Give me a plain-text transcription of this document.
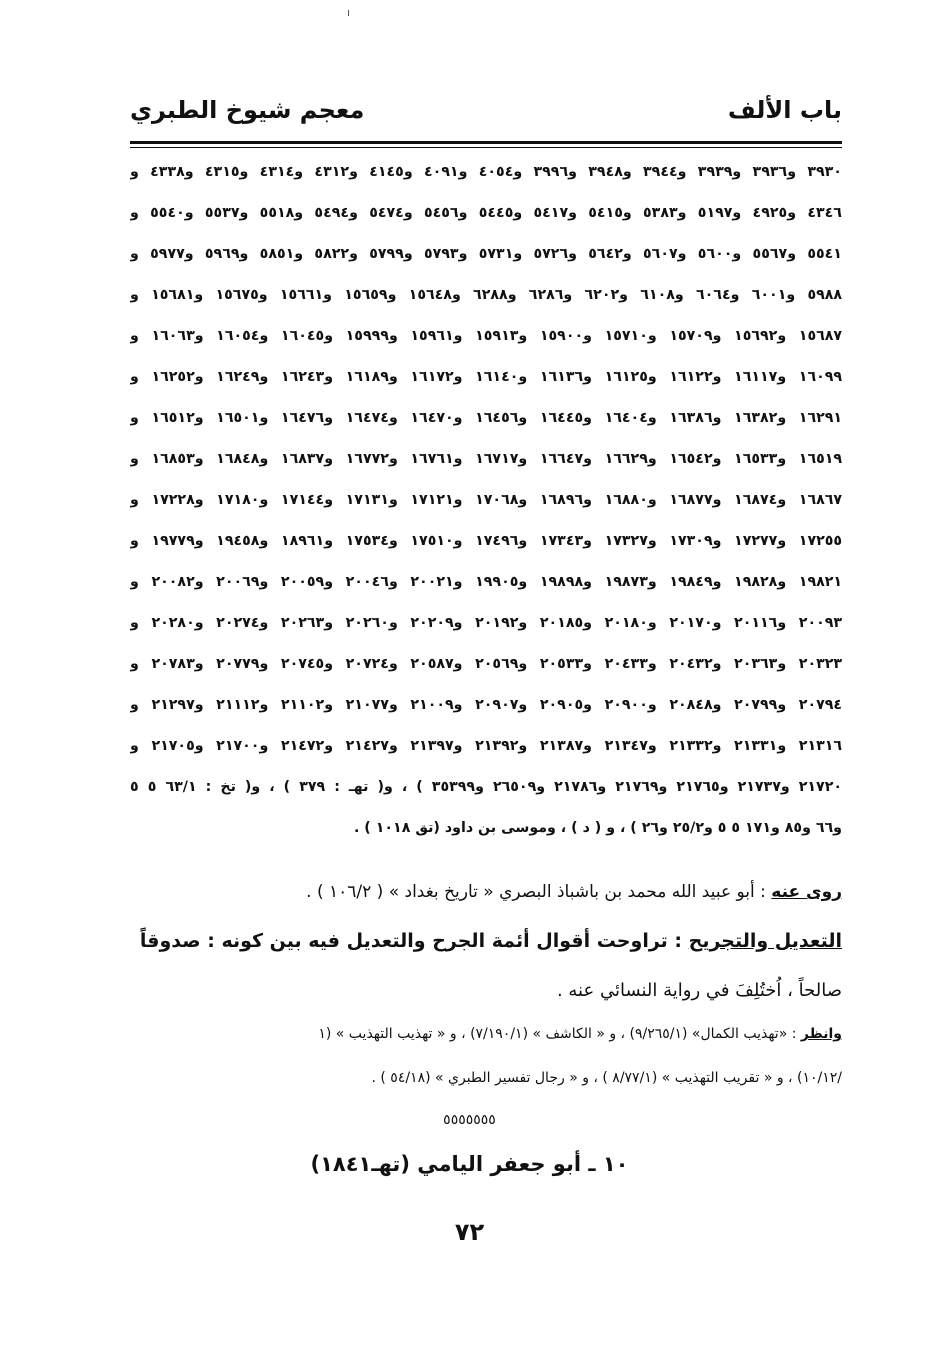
باب الألف
معجم شيوخ الطبري
٣٩٣٠ و٣٩٣٦ و٣٩٣٩ و٣٩٤٤ و٣٩٤٨ و٣٩٩٦ و٤٠٥٤ و٤٠٩١ و٤١٤٥ و٤٣١٢ و٤٣١٤ و٤٣١٥ و٤٣٣٨ و
٤٣٤٦ و٤٩٢٥ و٥١٩٧ و٥٣٨٣ و٥٤١٥ و٥٤١٧ و٥٤٤٥ و٥٤٥٦ و٥٤٧٤ و٥٤٩٤ و٥٥١٨ و٥٥٣٧ و٥٥٤٠ و
٥٥٤١ و٥٥٦٧ و٥٦٠٠ و٥٦٠٧ و٥٦٤٢ و٥٧٢٦ و٥٧٣١ و٥٧٩٣ و٥٧٩٩ و٥٨٢٢ و٥٨٥١ و٥٩٦٩ و٥٩٧٧ و
٥٩٨٨ و٦٠٠١ و٦٠٦٤ و٦١٠٨ و٦٢٠٢ و٦٢٨٦ و٦٢٨٨ و١٥٦٤٨ و١٥٦٥٩ و١٥٦٦١ و١٥٦٧٥ و١٥٦٨١ و
١٥٦٨٧ و١٥٦٩٢ و١٥٧٠٩ و١٥٧١٠ و١٥٩٠٠ و١٥٩١٣ و١٥٩٦١ و١٥٩٩٩ و١٦٠٤٥ و١٦٠٥٤ و١٦٠٦٣ و
١٦٠٩٩ و١٦١١٧ و١٦١٢٢ و١٦١٢٥ و١٦١٣٦ و١٦١٤٠ و١٦١٧٢ و١٦١٨٩ و١٦٢٤٣ و١٦٢٤٩ و١٦٢٥٢ و
١٦٢٩١ و١٦٣٨٢ و١٦٣٨٦ و١٦٤٠٤ و١٦٤٤٥ و١٦٤٥٦ و١٦٤٧٠ و١٦٤٧٤ و١٦٤٧٦ و١٦٥٠١ و١٦٥١٢ و
١٦٥١٩ و١٦٥٣٣ و١٦٥٤٢ و١٦٦٢٩ و١٦٦٤٧ و١٦٧١٧ و١٦٧٦١ و١٦٧٧٢ و١٦٨٣٧ و١٦٨٤٨ و١٦٨٥٣ و
١٦٨٦٧ و١٦٨٧٤ و١٦٨٧٧ و١٦٨٨٠ و١٦٨٩٦ و١٧٠٦٨ و١٧١٢١ و١٧١٣١ و١٧١٤٤ و١٧١٨٠ و١٧٢٢٨ و
١٧٢٥٥ و١٧٢٧٧ و١٧٣٠٩ و١٧٣٢٧ و١٧٣٤٣ و١٧٤٩٦ و١٧٥١٠ و١٧٥٣٤ و١٨٩٦١ و١٩٤٥٨ و١٩٧٧٩ و
١٩٨٢١ و١٩٨٢٨ و١٩٨٤٩ و١٩٨٧٣ و١٩٨٩٨ و١٩٩٠٥ و٢٠٠٢١ و٢٠٠٤٦ و٢٠٠٥٩ و٢٠٠٦٩ و٢٠٠٨٢ و
٢٠٠٩٣ و٢٠١١٦ و٢٠١٧٠ و٢٠١٨٠ و٢٠١٨٥ و٢٠١٩٢ و٢٠٢٠٩ و٢٠٢٦٠ و٢٠٢٦٣ و٢٠٢٧٤ و٢٠٢٨٠ و
٢٠٣٢٣ و٢٠٣٦٣ و٢٠٤٣٢ و٢٠٤٣٣ و٢٠٥٣٣ و٢٠٥٦٩ و٢٠٥٨٧ و٢٠٧٢٤ و٢٠٧٤٥ و٢٠٧٧٩ و٢٠٧٨٣ و
٢٠٧٩٤ و٢٠٧٩٩ و٢٠٨٤٨ و٢٠٩٠٠ و٢٠٩٠٥ و٢٠٩٠٧ و٢١٠٠٩ و٢١٠٧٧ و٢١١٠٢ و٢١١١٢ و٢١٢٩٧ و
٢١٣١٦ و٢١٣٣١ و٢١٣٣٢ و٢١٣٤٧ و٢١٣٨٧ و٢١٣٩٢ و٢١٣٩٧ و٢١٤٢٧ و٢١٤٧٢ و٢١٧٠٠ و٢١٧٠٥ و
٢١٧٢٠ و٢١٧٣٧ و٢١٧٦٥ و٢١٧٦٩ و٢١٧٨٦ و٢٦٥٠٩ و٣٥٣٩٩ ) ، و( تهـ : ٣٧٩ ) ، و( تخ : ٦٣/١ ٥ ٥
و٦٦ و٨٥ و١٧١ ٥ ٥ و٢٥/٢ و٢٦ ) ، و ( د ) ، وموسى بن داود (تق ١٠١٨ ) .
روى عنه : أبو عبيد الله محمد بن باشباذ البصري « تاريخ بغداد » ( ١٠٦/٢ ) .
التعديل والتجريح : تراوحت أقوال أئمة الجرح والتعديل فيه بين كونه : صدوقاً
صالحاً ، اُختُلِفَ في رواية النسائي عنه .
وانظر : «تهذيب الكمال» (٩/٢٦٥/١) ، و « الكاشف » (٧/١٩٠/١) ، و « تهذيب التهذيب » (١
/١٠/١٢) ، و « تقريب التهذيب » (٨/٧٧/١ ) ، و « رجال تفسير الطبري » (٥٤/١٨ ) .
٥٥٥٥٥٥٥
١٠ ـ أبو جعفر اليامي (تهـ١٨٤١)
٧٢
